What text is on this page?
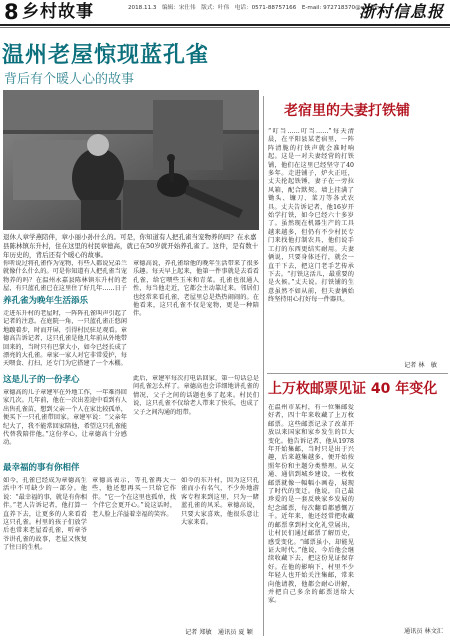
8 乡村故事	2018.11.3　编辑：宋仕伟　版式：叶伟　电话：0571-88757166　E-mail: 972718370@qq.com
浙村信息报
温州老屋惊现蓝孔雀
背后有个暖人心的故事
退休人章学燕陪伴，章小丽小孙什么的。可是，你知道有人把孔雀当宠物养的吗？在永嘉县陈林镇东升村，住在这里的村民章德高，就已在50岁就开始养孔雀了。这件，是有数十年历史的，背后还有个暖心的故事。
你听说过将孔雀作为宠物，有些人都说兄弟兰就像什么什么的。可是你知道有人把孔雀当宠物养的吗？在温州永嘉县陈林镇东升村的老屋，有只蓝孔雀已在这里住了好几年……日子
养孔雀为晚年生活添乐
走进东升村的老屋时，一阵阵孔雀叫声引起了记者的注意。在庭院一角，一只蓝孔雀正悠闲地踱着步，时而开屏，引得村民驻足观看。章德高告诉记者，这只孔雀是他几年前从外地带回来的，当时只有巴掌大小，如今已经长成了漂亮的大孔雀。章家一家人对它非常爱护，每天喂食、打扫，还专门为它搭建了一个木棚。
章德高说，养孔雀给他的晚年生活带来了很多乐趣。每天早上起来，他第一件事就是去看看孔雀，给它喂些玉米和青菜。孔雀也很通人性，每当他走近，它都会主动靠过来。邻居们也经常来看孔雀，老屋里总是热热闹闹的。在他看来，这只孔雀不仅是宠物，更是一种陪伴。
这是儿子的一份孝心
章德高的儿子章建军在外地工作，一年难得回家几次。几年前，他在一次出差途中看到有人出售孔雀苗，想到父亲一个人在家比较孤单，便买下一只孔雀带回家。章建军说：“父亲年纪大了，我不能常回家陪他，希望这只孔雀能代替我陪伴他。”这份孝心，让章德高十分感动。
此后，章建军每次打电话回家，第一句话总是问孔雀怎么样了。章德高也会详细地讲孔雀的情况，父子之间的话题也多了起来。村民们说，这只孔雀不仅给老人带来了快乐，也成了父子之间沟通的纽带。
最幸福的事有你相伴
如今，孔雀已经成为章德高生活中不可缺少的一部分。他说：“最幸福的事，就是有你相伴。”老人告诉记者，他打算一直养下去，让更多的人来看看这只孔雀。村里的孩子们放学后也常来老屋看孔雀，听章爷爷讲孔雀的故事，老屋又恢复了往日的生机。
章德高表示，等孔雀再大一些，他还想再买一只给它作伴。“它一个在这里也孤单，找个伴它会更开心。”说这话时，老人脸上洋溢着幸福的笑容。
如今的东升村，因为这只孔雀而小有名气，不少外地游客专程来到这里，只为一睹蓝孔雀的风采。章德高说，只要大家喜欢，他很乐意让大家来看。
记者 郑敏　通讯员 夏 颖
老宿里的夫妻打铁铺
“叮当……叮当……”每天清晨，在平阳县某老宿里，一阵阵清脆的打铁声就会准时响起。这是一对夫妻经营的打铁铺，他们在这里已经坚守了40多年。走进铺子，炉火正旺，丈夫抡起铁锤，妻子在一旁拉风箱，配合默契。墙上挂满了锄头、镰刀、菜刀等各式农具。丈夫告诉记者，他16岁开始学打铁，如今已经六十多岁了。虽然现在机器生产的工具越来越多，但仍有不少村民专门来找他打制农具，他们说手工打的东西更结实耐用。夫妻俩说，只要身体还行，就会一直干下去，把这门老手艺传承下去。“打铁这活儿，最重要的是火候。”丈夫说。打铁铺的生意虽然不如从前，但夫妻俩始终坚持用心打好每一件器具。
记者 林　敏
上万枚邮票见证 40 年变化
在温州市某村，有一位集邮爱好者，四十年来收藏了上万枚邮票。这些邮票记录了改革开放以来国家和家乡发生的巨大变化。他告诉记者，他从1978年开始集邮，当时只是出于兴趣，后来越集越多，便开始按照年份和主题分类整理。从交通、通信到城乡建设，一枚枚邮票就像一幅幅小画卷，展现了时代的变迁。他说，自己最珍爱的是一套反映家乡发展的纪念邮票，每次翻看都感慨万千。近年来，他还经常把收藏的邮票拿到村文化礼堂展出，让村民们通过邮票了解历史，感受变化。“邮票虽小，却能见证大时代。”他说，今后他会继续收藏下去，把这份见证保存好。在他的影响下，村里不少年轻人也开始关注集邮，常来向他请教，他都会耐心讲解，并把自己多余的邮票送给大家。
通讯员 林文汇
